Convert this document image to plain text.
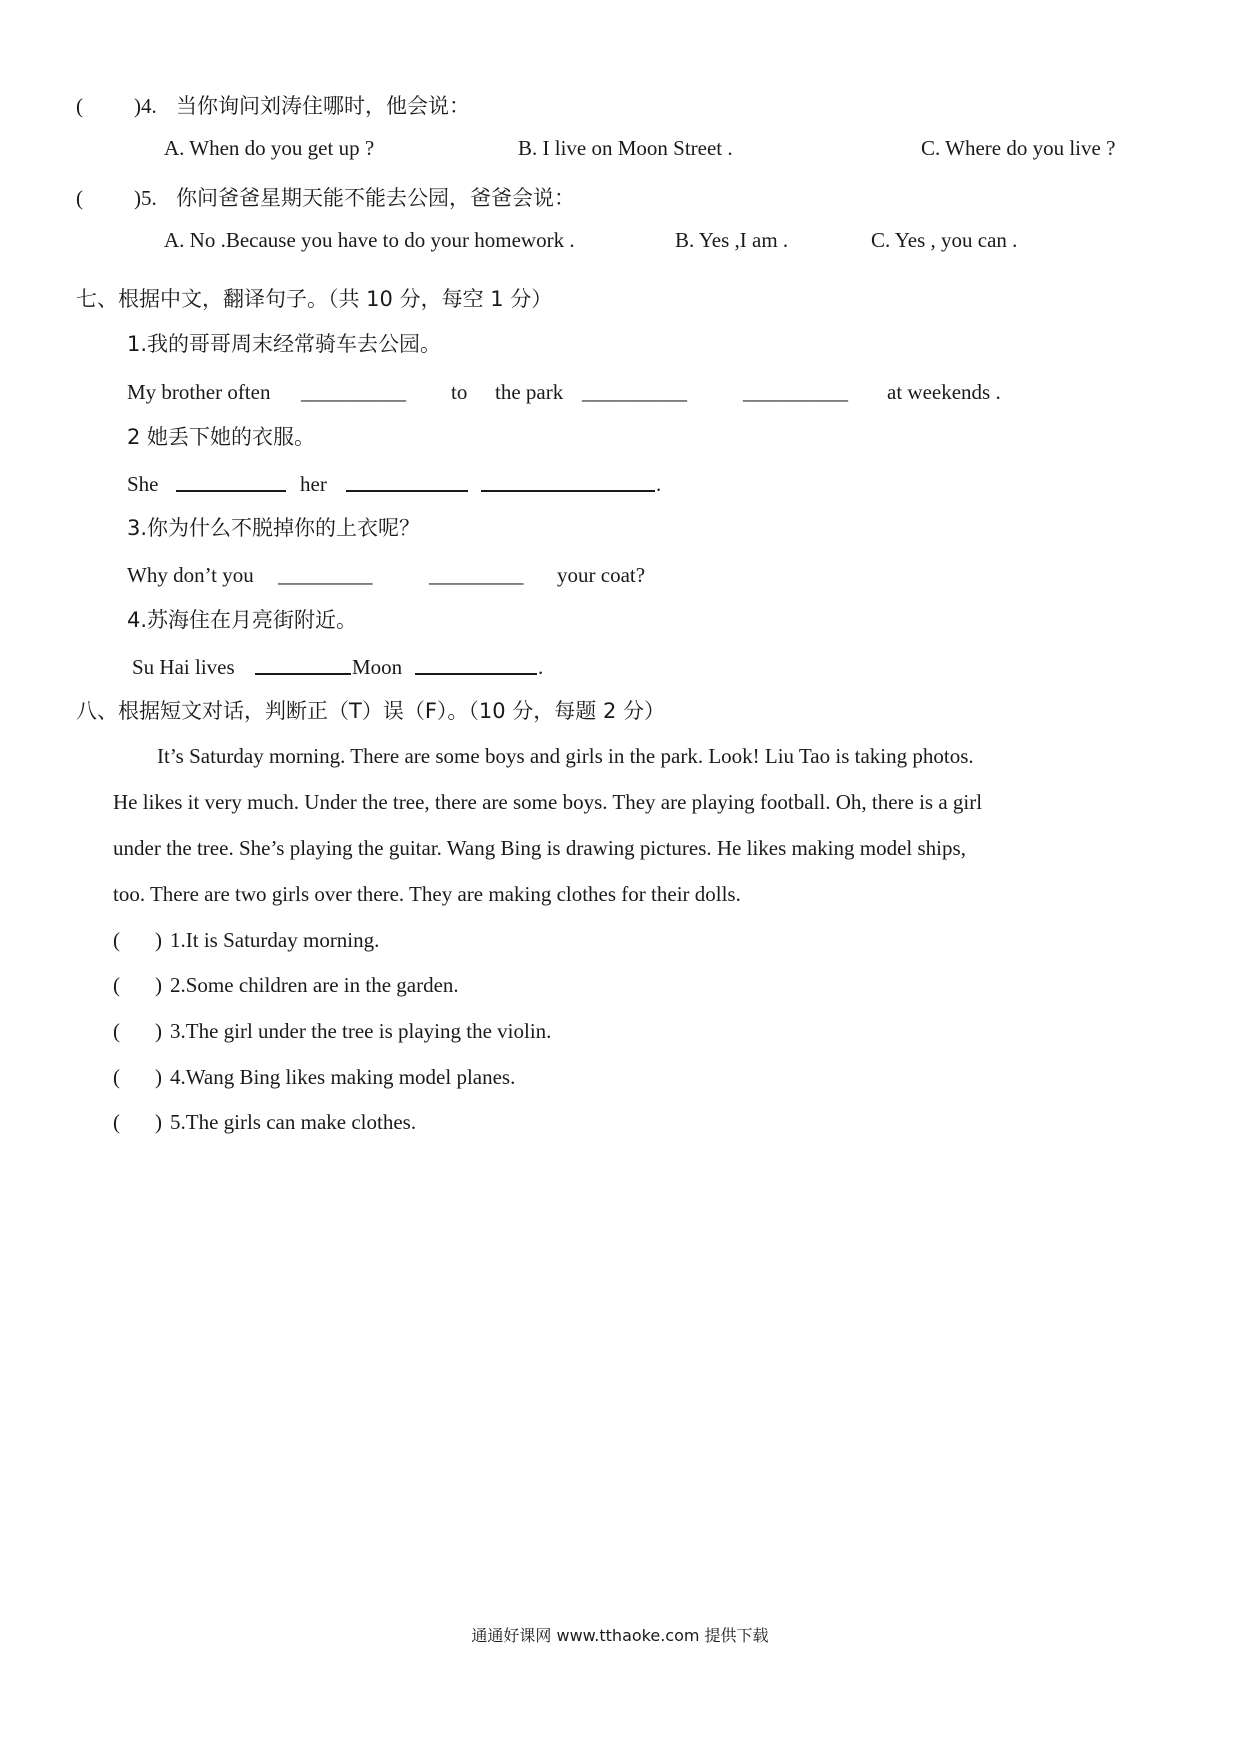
( )4. 当你询问刘涛住哪时，他会说：
A. When do you get up ?	B. I live on Moon Street .	C. Where do you live ?
( )5. 你问爸爸星期天能不能去公园，爸爸会说：
A. No .Because you have to do your homework .	B. Yes ,I am .	C. Yes , you can .
七、根据中文，翻译句子。（共 10 分，每空 1 分）
1.我的哥哥周末经常骑车去公园。
My brother often __________ to the park __________	__________ at weekends .
2 她丢下她的衣服。
She	her	.
3.你为什么不脱掉你的上衣呢？
Why don’t you _________	_________ your coat?
4.苏海住在月亮街附近。
Su Hai lives	Moon	.
八、根据短文对话，判断正（T）误（F）。（10 分，每题 2 分）
It’s Saturday morning. There are some boys and girls in the park. Look! Liu Tao is taking photos.
He likes it very much. Under the tree, there are some boys. They are playing football. Oh, there is a girl
under the tree. She’s playing the guitar. Wang Bing is drawing pictures. He likes making model ships,
too. There are two girls over there. They are making clothes for their dolls.
( ) 1.It is Saturday morning.
( ) 2.Some children are in the garden.
( ) 3.The girl under the tree is playing the violin.
( ) 4.Wang Bing likes making model planes.
( ) 5.The girls can make clothes.
通通好课网 www.tthaoke.com 提供下载
